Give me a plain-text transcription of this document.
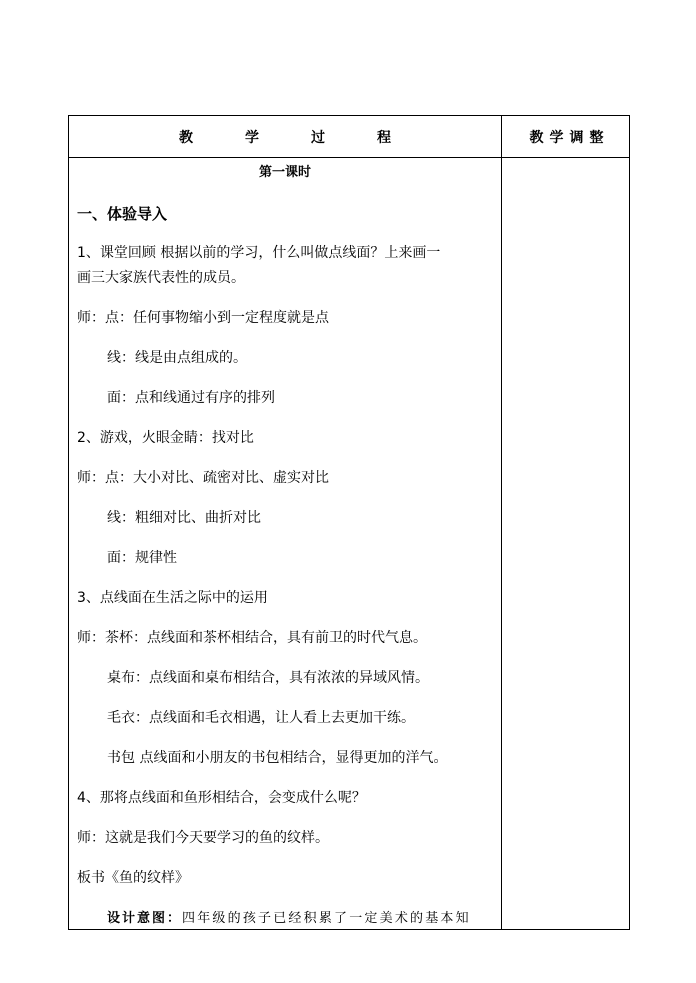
教学过程	教学调整
第一课时
一、体验导入
1、课堂回顾 根据以前的学习，什么叫做点线面？上来画一
画三大家族代表性的成员。
师：点：任何事物缩小到一定程度就是点
线：线是由点组成的。
面：点和线通过有序的排列
2、游戏，火眼金睛：找对比
师：点：大小对比、疏密对比、虚实对比
线：粗细对比、曲折对比
面：规律性
3、点线面在生活之际中的运用
师：茶杯：点线面和茶杯相结合，具有前卫的时代气息。
桌布：点线面和桌布相结合，具有浓浓的异域风情。
毛衣：点线面和毛衣相遇，让人看上去更加干练。
书包 点线面和小朋友的书包相结合，显得更加的洋气。
4、那将点线面和鱼形相结合，会变成什么呢？
师：这就是我们今天要学习的鱼的纹样。
板书《鱼的纹样》
设计意图：四年级的孩子已经积累了一定美术的基本知
